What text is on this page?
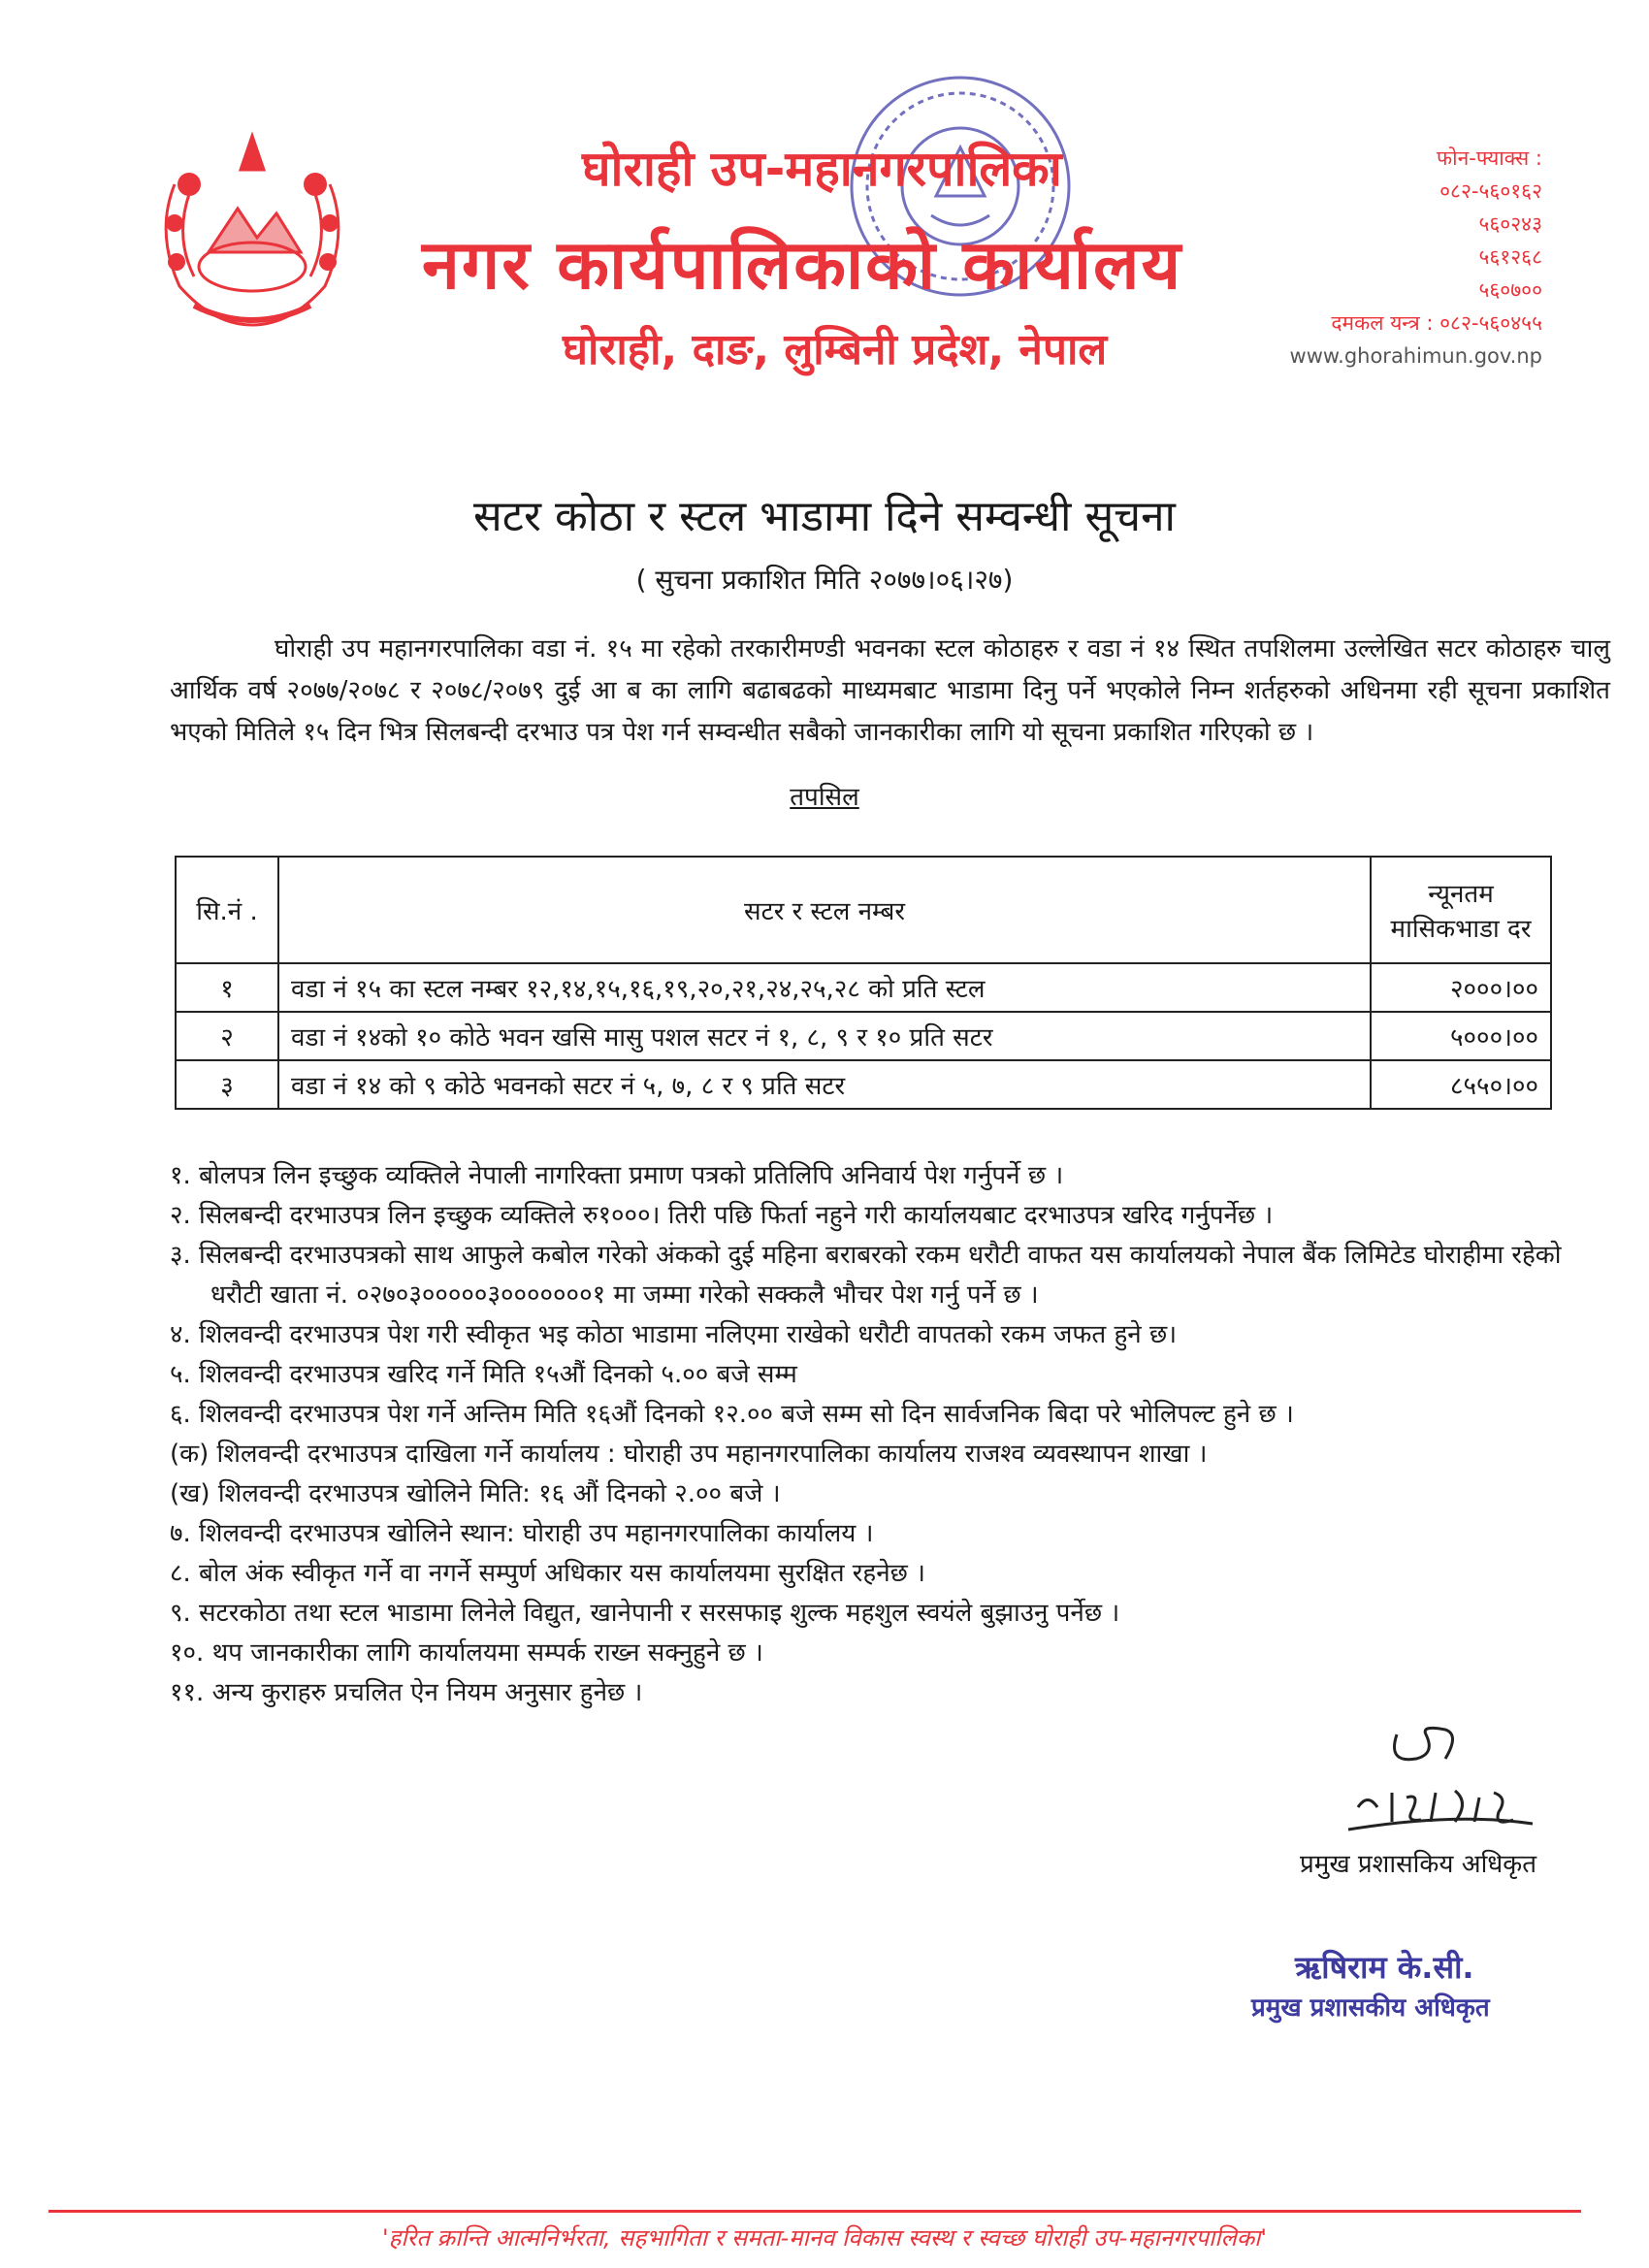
घोराही उप-महानगरपालिका
नगर कार्यपालिकाको कार्यालय
घोराही, दाङ, लुम्बिनी प्रदेश, नेपाल
फोन-फ्याक्स :
०८२-५६०१६२
५६०२४३
५६१२६८
५६०७००
दमकल यन्त्र : ०८२-५६०४५५
www.ghorahimun.gov.np
सटर कोठा र स्टल भाडामा दिने सम्वन्धी सूचना
( सुचना प्रकाशित मिति २०७७।०६।२७)
घोराही उप महानगरपालिका वडा नं. १५ मा रहेको तरकारीमण्डी भवनका स्टल कोठाहरु र वडा नं १४ स्थित तपशिलमा उल्लेखित सटर कोठाहरु चालु आर्थिक वर्ष २०७७/२०७८ र २०७८/२०७९ दुई आ ब का लागि बढाबढको माध्यमबाट भाडामा दिनु पर्ने भएकोले निम्न शर्तहरुको अधिनमा रही सूचना प्रकाशित भएको मितिले १५ दिन भित्र सिलबन्दी दरभाउ पत्र पेश गर्न सम्वन्धीत सबैको जानकारीका लागि यो सूचना प्रकाशित गरिएको छ ।
तपसिल
सि.नं .	सटर र स्टल नम्बर	न्यूनतम मासिकभाडा दर
१	वडा नं १५ का स्टल नम्बर १२,१४,१५,१६,१९,२०,२१,२४,२५,२८ को प्रति स्टल	२०००।००
२	वडा नं १४को १० कोठे भवन खसि मासु पशल सटर नं १, ८, ९ र १० प्रति सटर	५०००।००
३	वडा नं १४ को ९ कोठे भवनको सटर नं ५, ७, ८ र ९ प्रति सटर	८५५०।००

१. बोलपत्र लिन इच्छुक व्यक्तिले नेपाली नागरिक्ता प्रमाण पत्रको प्रतिलिपि अनिवार्य पेश गर्नुपर्ने छ ।

२. सिलबन्दी दरभाउपत्र लिन इच्छुक व्यक्तिले रु१०००। तिरी पछि फिर्ता नहुने गरी कार्यालयबाट दरभाउपत्र खरिद गर्नुपर्नेछ ।

३. सिलबन्दी दरभाउपत्रको साथ आफुले कबोल गरेको अंकको दुई महिना बराबरको रकम धरौटी वाफत यस कार्यालयको नेपाल बैंक लिमिटेड घोराहीमा रहेको धरौटी खाता नं. ०२७०३०००००३०००००००१ मा जम्मा गरेको सक्कलै भौचर पेश गर्नु पर्ने छ ।

४. शिलवन्दी दरभाउपत्र पेश गरी स्वीकृत भइ कोठा भाडामा नलिएमा राखेको धरौटी वापतको रकम जफत हुने छ।

५. शिलवन्दी दरभाउपत्र खरिद गर्ने मिति १५औं दिनको ५.०० बजे सम्म

६. शिलवन्दी दरभाउपत्र पेश गर्ने अन्तिम मिति १६औं दिनको १२.०० बजे सम्म सो दिन सार्वजनिक बिदा परे भोलिपल्ट हुने छ ।

(क) शिलवन्दी दरभाउपत्र दाखिला गर्ने कार्यालय : घोराही उप महानगरपालिका कार्यालय राजश्व व्यवस्थापन शाखा ।

(ख) शिलवन्दी दरभाउपत्र खोलिने मिति: १६ औं दिनको २.०० बजे ।

७. शिलवन्दी दरभाउपत्र खोलिने स्थान: घोराही उप महानगरपालिका कार्यालय ।

८. बोल अंक स्वीकृत गर्ने वा नगर्ने सम्पुर्ण अधिकार यस कार्यालयमा सुरक्षित रहनेछ ।

९. सटरकोठा तथा स्टल भाडामा लिनेले विद्युत, खानेपानी र सरसफाइ शुल्क महशुल स्वयंले बुझाउनु पर्नेछ ।

१०. थप जानकारीका लागि कार्यालयमा सम्पर्क राख्न सक्नुहुने छ ।

११. अन्य कुराहरु प्रचलित ऐन नियम अनुसार हुनेछ ।

प्रमुख प्रशासकिय अधिकृत
ऋषिराम के.सी.
प्रमुख प्रशासकीय अधिकृत
'हरित क्रान्ति आत्मनिर्भरता, सहभागिता र समता-मानव विकास स्वस्थ र स्वच्छ घोराही उप-महानगरपालिका'
